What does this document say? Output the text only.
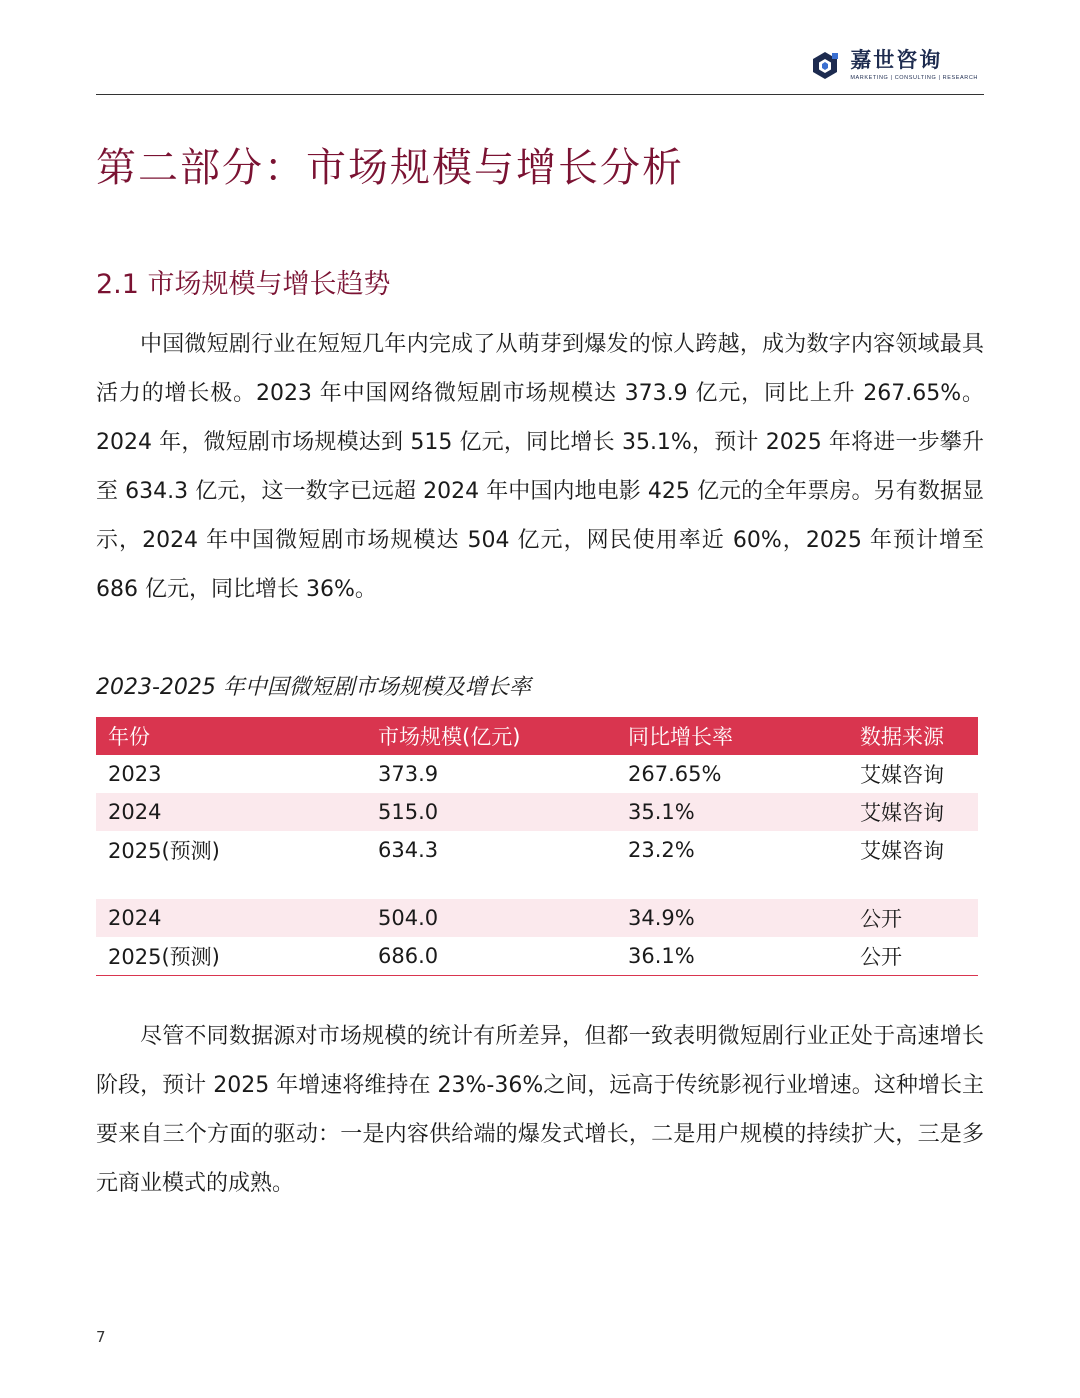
嘉世咨询
MARKETING | CONSULTING | RESEARCH
第二部分：市场规模与增长分析
2.1 市场规模与增长趋势

中国微短剧行业在短短几年内完成了从萌芽到爆发的惊人跨越，成为数字内容领域最具活力的增长极。2023 年中国网络微短剧市场规模达 373.9 亿元，同比上升 267.65%。2024 年，微短剧市场规模达到 515 亿元，同比增长 35.1%，预计 2025 年将进一步攀升至 634.3 亿元，这一数字已远超 2024 年中国内地电影 425 亿元的全年票房。另有数据显示，2024 年中国微短剧市场规模达 504 亿元，网民使用率近 60%，2025 年预计增至 686 亿元，同比增长 36%。

2023-2025 年中国微短剧市场规模及增长率
年份	市场规模(亿元)	同比增长率	数据来源
2023	373.9	267.65%	艾媒咨询
2024	515.0	35.1%	艾媒咨询
2025(预测)	634.3	23.2%	艾媒咨询

2024	504.0	34.9%	公开
2025(预测)	686.0	36.1%	公开

尽管不同数据源对市场规模的统计有所差异，但都一致表明微短剧行业正处于高速增长阶段，预计 2025 年增速将维持在 23%-36%之间，远高于传统影视行业增速。这种增长主要来自三个方面的驱动：一是内容供给端的爆发式增长，二是用户规模的持续扩大，三是多元商业模式的成熟。

7
